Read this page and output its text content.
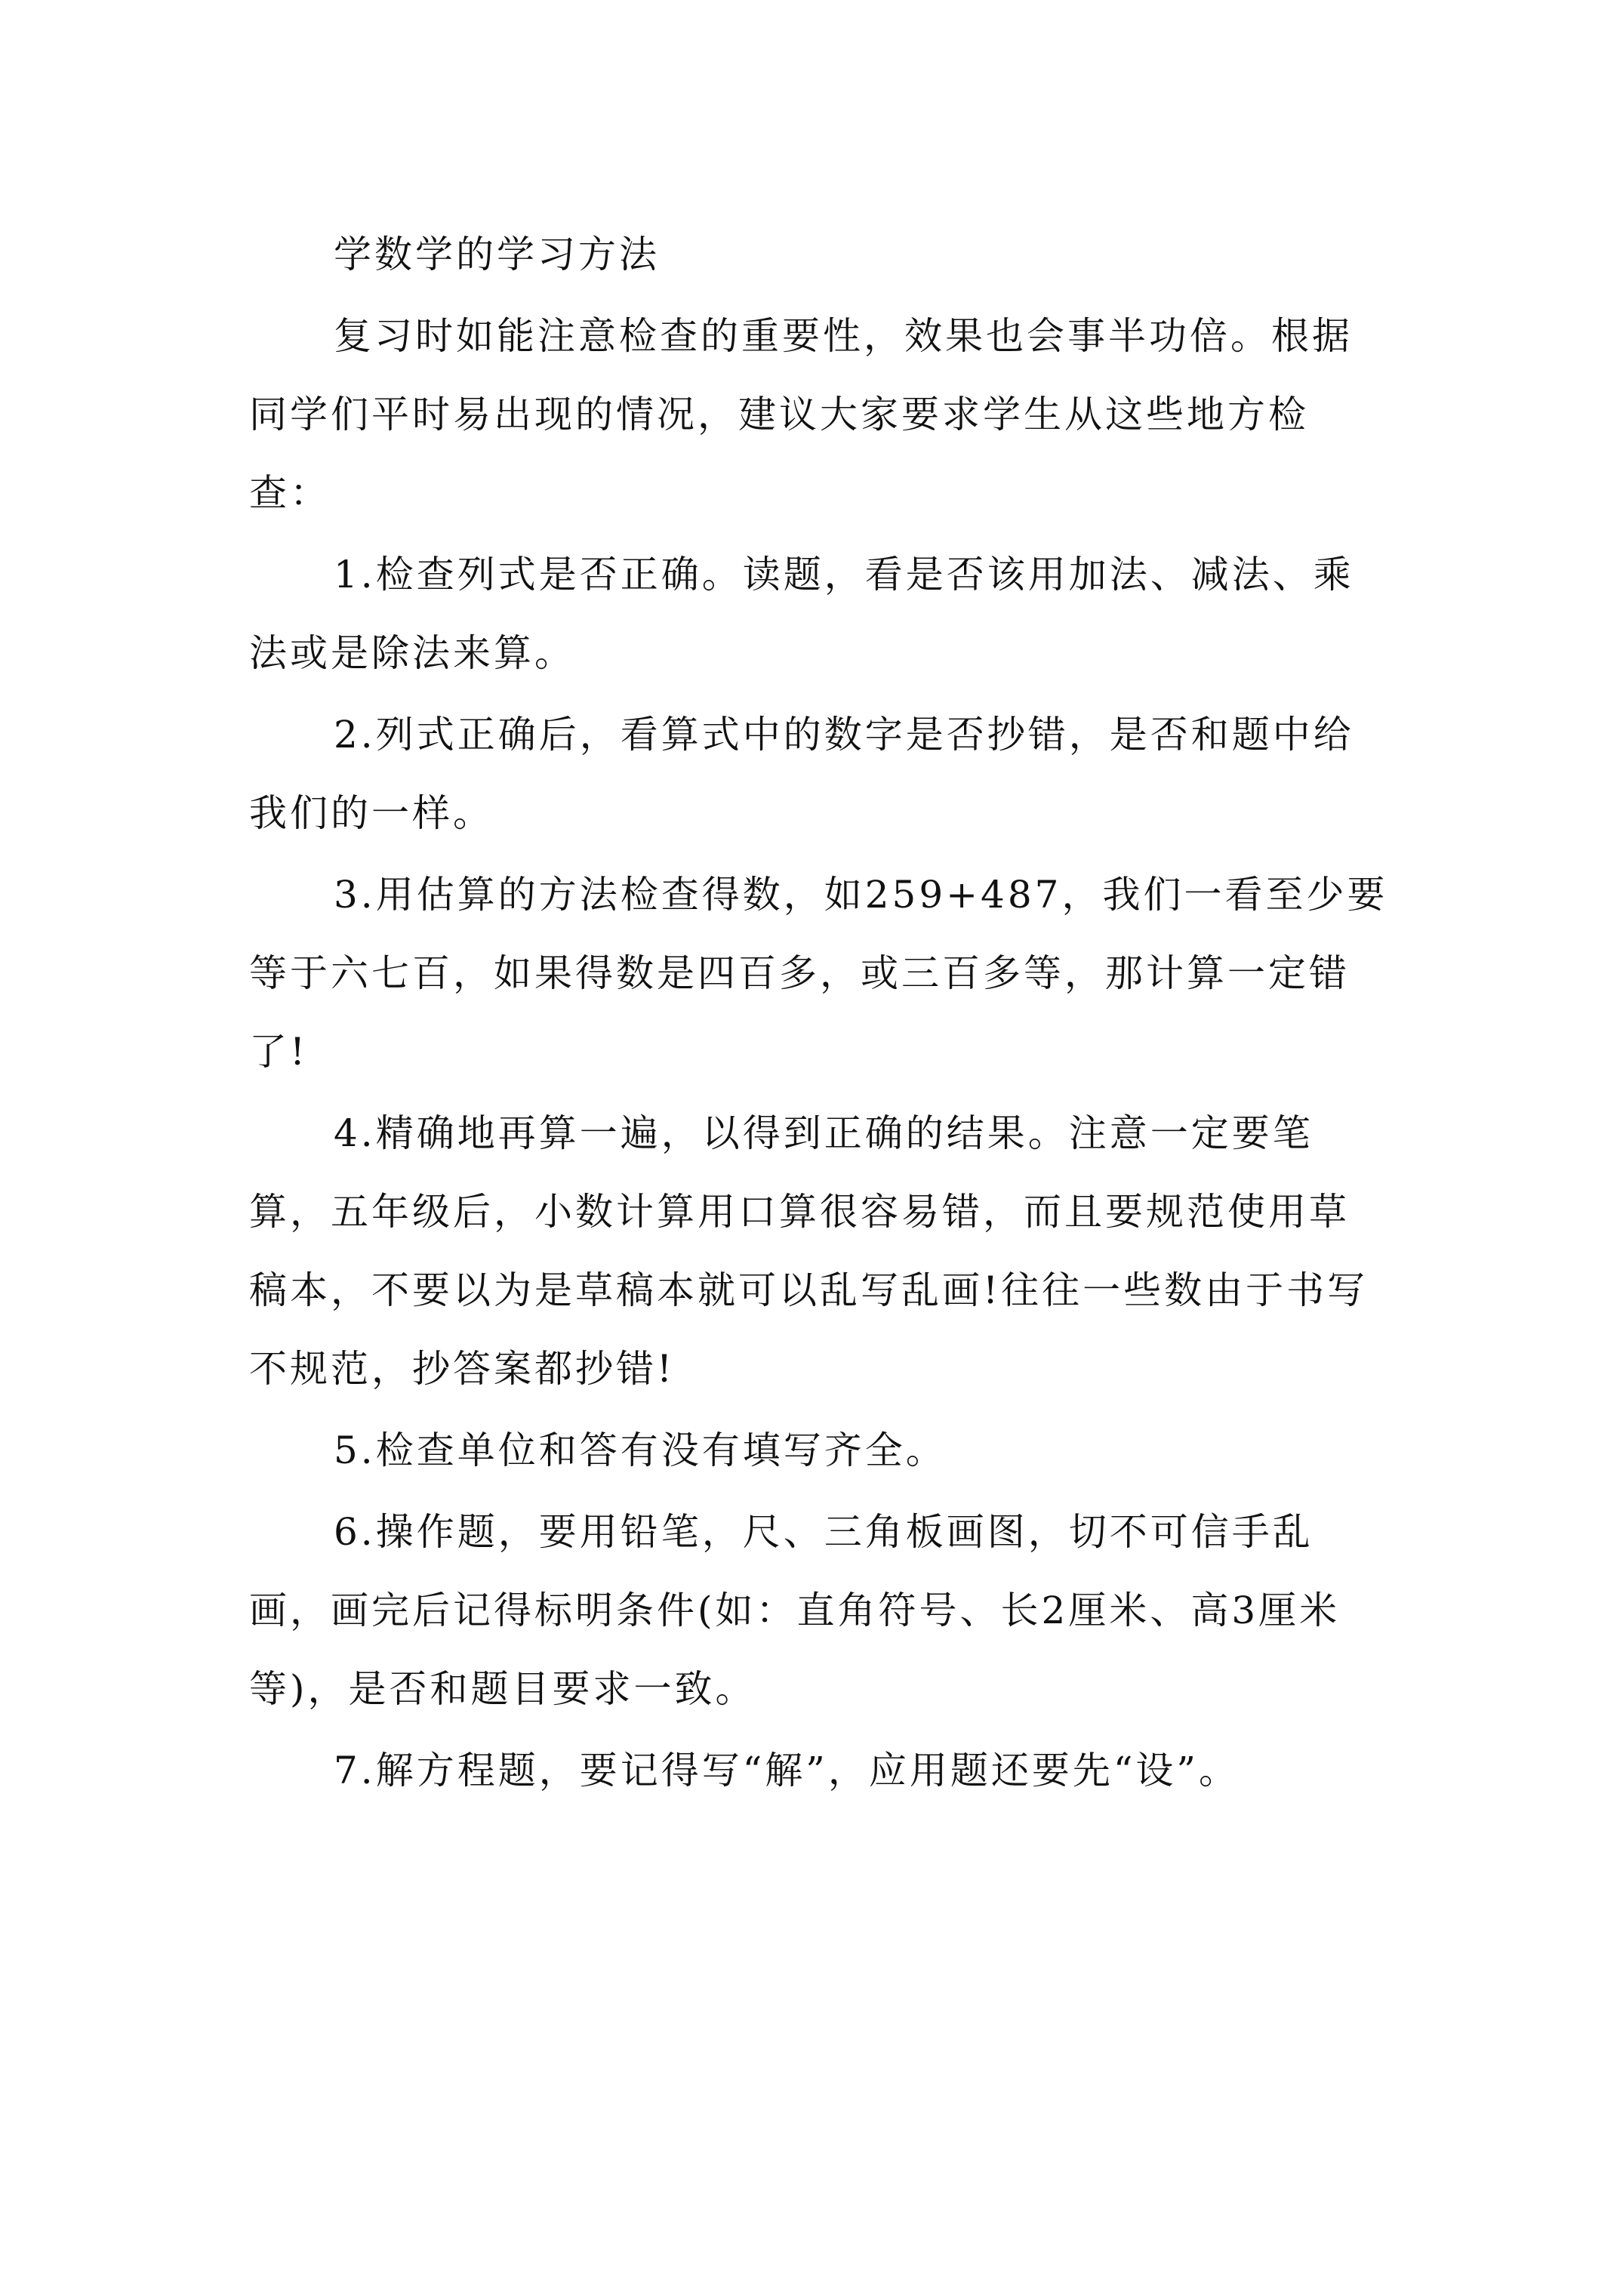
学数学的学习方法

复习时如能注意检查的重要性，效果也会事半功倍。根据同学们平时易出现的情况，建议大家要求学生从这些地方检查：

1.检查列式是否正确。读题，看是否该用加法、减法、乘法或是除法来算。

2.列式正确后，看算式中的数字是否抄错，是否和题中给我们的一样。

3.用估算的方法检查得数，如259+487，我们一看至少要等于六七百，如果得数是四百多，或三百多等，那计算一定错了!

4.精确地再算一遍，以得到正确的结果。注意一定要笔算，五年级后，小数计算用口算很容易错，而且要规范使用草稿本，不要以为是草稿本就可以乱写乱画!往往一些数由于书写不规范，抄答案都抄错!

5.检查单位和答有没有填写齐全。

6.操作题，要用铅笔，尺、三角板画图，切不可信手乱画，画完后记得标明条件(如：直角符号、长2厘米、高3厘米等)，是否和题目要求一致。

7.解方程题，要记得写“解”，应用题还要先“设”。
